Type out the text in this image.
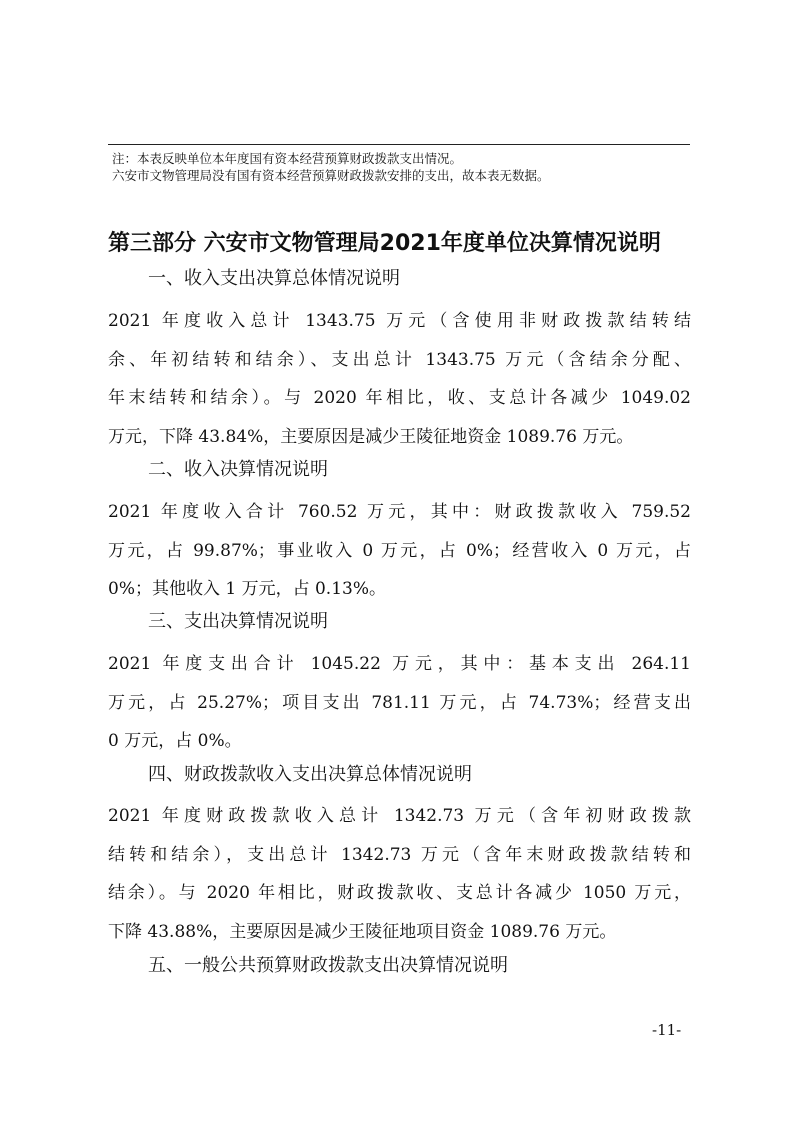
注：本表反映单位本年度国有资本经营预算财政拨款支出情况。
六安市文物管理局没有国有资本经营预算财政拨款安排的支出，故本表无数据。
第三部分 六安市文物管理局2021年度单位决算情况说明
一、收入支出决算总体情况说明
2021 年度收入总计 1343.75 万元（含使用非财政拨款结转结
余、年初结转和结余）、支出总计 1343.75 万元（含结余分配、
年末结转和结余）。与 2020 年相比，收、支总计各减少 1049.02
万元，下降 43.84%，主要原因是减少王陵征地资金 1089.76 万元。
二、收入决算情况说明
2021 年度收入合计 760.52 万元，其中：财政拨款收入 759.52
万元，占 99.87%；事业收入 0 万元，占 0%；经营收入 0 万元，占
0%；其他收入 1 万元，占 0.13%。
三、支出决算情况说明
2021 年度支出合计 1045.22 万元，其中：基本支出 264.11
万元，占 25.27%；项目支出 781.11 万元，占 74.73%；经营支出
0 万元，占 0%。
四、财政拨款收入支出决算总体情况说明
2021 年度财政拨款收入总计 1342.73 万元（含年初财政拨款
结转和结余），支出总计 1342.73 万元（含年末财政拨款结转和
结余）。与 2020 年相比，财政拨款收、支总计各减少 1050 万元，
下降 43.88%，主要原因是减少王陵征地项目资金 1089.76 万元。
五、一般公共预算财政拨款支出决算情况说明
-11-
